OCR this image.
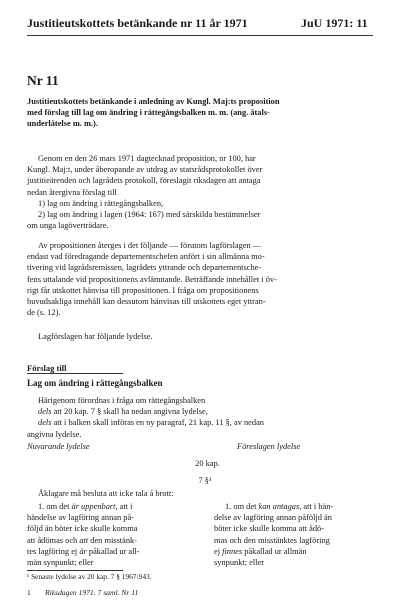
Justitieutskottets betänkande nr 11 år 1971	JuU 1971: 11
Nr 11
Justitieutskottets betänkande i anledning av Kungl. Maj:ts proposition
med förslag till lag om ändring i rättegångsbalken m. m. (ang. åtals-
underlåtelse m. m.).
Genom en den 26 mars 1971 dagtecknad proposition, nr 100, har
Kungl. Maj:t, under åberopande av utdrag av statsrådsprotokollet över
justitieärenden och lagrådets protokoll, föreslagit riksdagen att antaga
nedan återgivna förslag till
1) lag om ändring i rättegångsbalken,
2) lag om ändring i lagen (1964: 167) med särskilda bestämmelser
om unga lagöverträdare.
Av propositionen återges i det följande — förutom lagförslagen —
endast vad föredragande departementschefen anfört i sin allmänna mo-
tivering vid lagrådsremissen, lagrådets yttrande och departementsche-
fens uttalande vid propositionens avlämnande. Beträffande innehållet i öv-
rigt får utskottet hänvisa till propositionen. I fråga om propositionens
huvudsakliga innehåll kan dessutom hänvisas till utskottets eget yttran-
de (s. 12).
Lagförslagen har följande lydelse.
Förslag till
Lag om ändring i rättegångsbalken
Härigenom förordnas i fråga om rättegångsbalken
dels att 20 kap. 7 § skall ha nedan angivna lydelse,
dels att i balken skall införas en ny paragraf, 21 kap. 11 §, av nedan
angivna lydelse.
Nuvarande lydelse	Föreslagen lydelse
20 kap.
7 §¹
Åklagare må besluta att icke tala å brott:
1. om det är uppenbart, att i
händelse av lagföring annan på-
följd än böter icke skulle komma
att ådömas och att den misstänk-
tes lagföring ej är påkallad ur all-
män synpunkt; eller
1. om det kan antagas, att i hän-
delse av lagföring annan påföljd än
böter icke skulle komma att ådö-
mas och den misstänktes lagföring
ej finnes påkallad ur allmän
synpunkt; eller
¹ Senaste lydelse av 20 kap. 7 § 1967:943.
1 Riksdagen 1971. 7 saml. Nr 11
